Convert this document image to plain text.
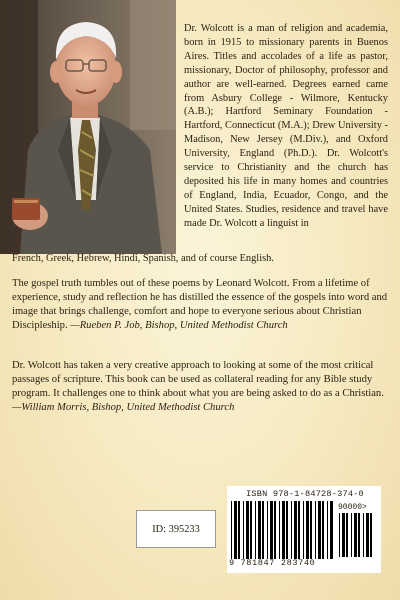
Dr. Wolcott is a man of religion and academia, born in 1915 to missionary parents in Buenos Aires. Titles and accolades of a life as pastor, missionary, Doctor of philosophy, professor and author are well-earned. Degrees earned came from Asbury College - Wilmore, Kentucky (A.B.); Hartford Seminary Foundation - Hartford, Connecticut (M.A.); Drew University - Madison, New Jersey (M.Div.), and Oxford University, England (Ph.D.). Dr. Wolcott's service to Christianity and the church has deposited his life in many homes and countries of England, India, Ecuador, Congo, and the United States. Studies, residence and travel have made Dr. Wolcott a linguist in

French, Greek, Hebrew, Hindi, Spanish, and of course English.

The gospel truth tumbles out of these poems by Leonard Wolcott. From a lifetime of experience, study and reflection he has distilled the essence of the gospels into word and image that brings challenge, comfort and hope to everyone serious about Christian Discipleship. —Rueben P. Job, Bishop, United Methodist Church

Dr. Wolcott has taken a very creative approach to looking at some of the most critical passages of scripture. This book can be used as collateral reading for any Bible study program. It challenges one to think about what you are being asked to do as a Christian. —William Morris, Bishop, United Methodist Church

ID: 395233
ISBN 978-1-84728-374-0
90000>
9 781847 283740
